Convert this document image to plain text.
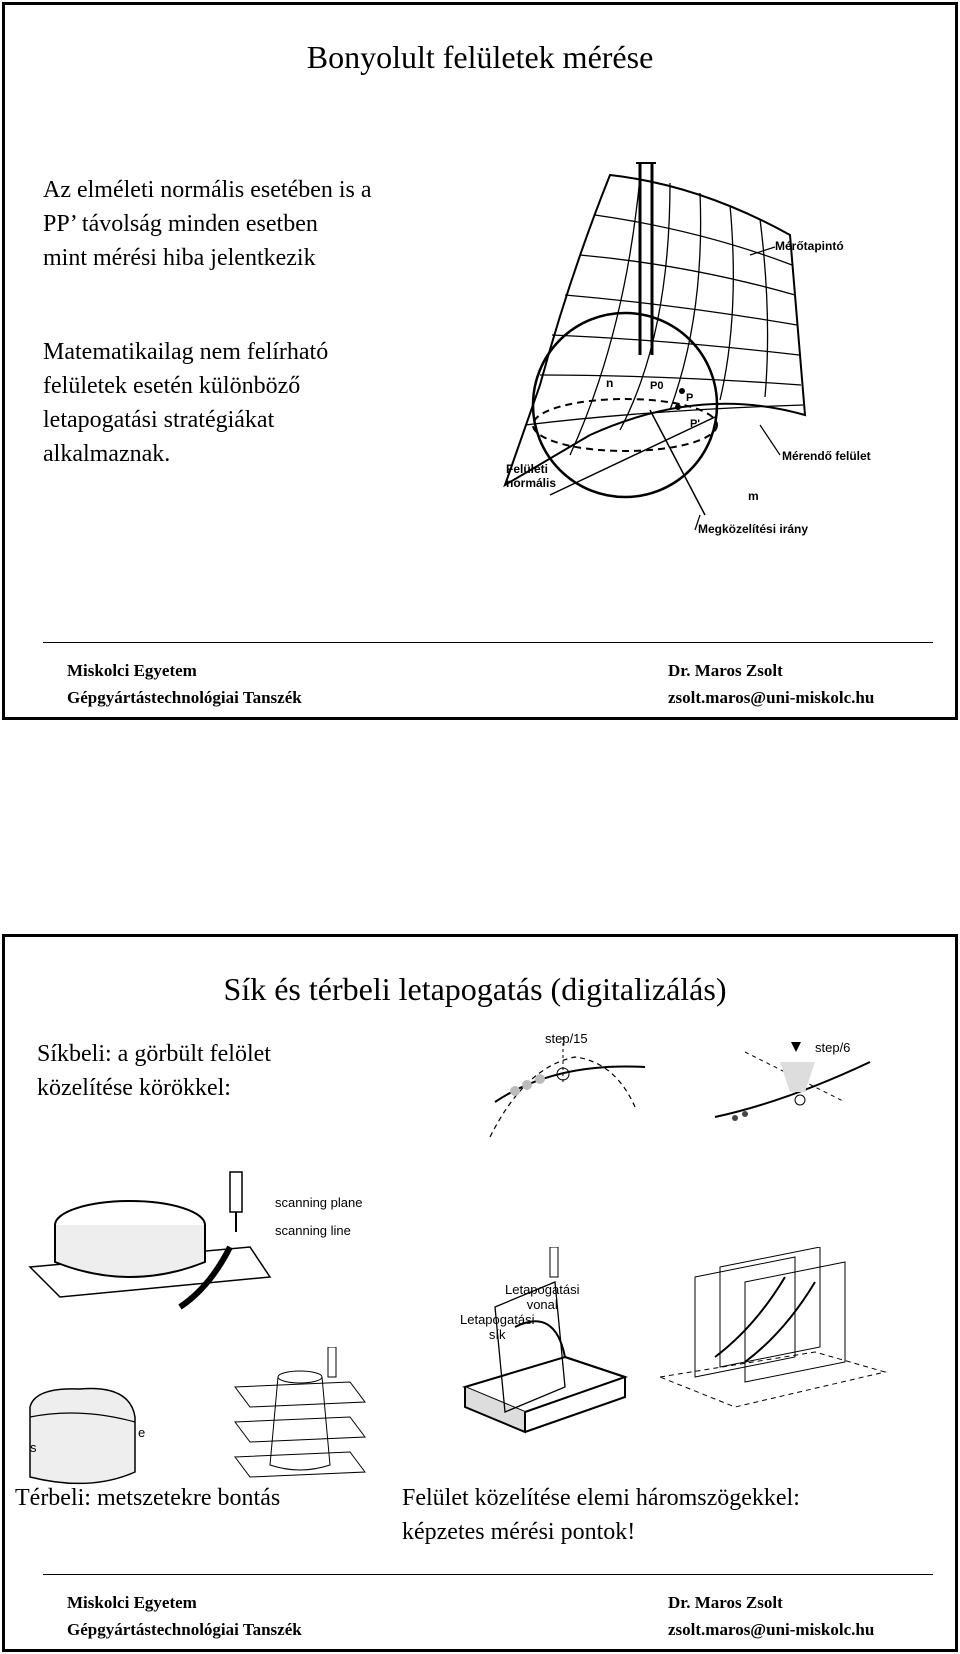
Bonyolult felületek mérése
Az elméleti normális esetében is a
PP’ távolság minden esetben
mint mérési hiba jelentkezik
Matematikailag nem felírható
felületek esetén különböző
letapogatási stratégiákat
alkalmaznak.
Mérőtapintó
Mérendő felület
Felületi normális
Megközelítési irány
n
m
P0
P
P'
Miskolci Egyetem
Gépgyártástechnológiai Tanszék
Dr. Maros Zsolt
zsolt.maros@uni-miskolc.hu
Sík és térbeli letapogatás (digitalizálás)
Síkbeli: a görbült felölet
közelítése körökkel:
step/15
step/6
scanning plane
scanning line
s
e
Letapogatási
vonal
Letapogatási
sík
Térbeli: metszetekre bontás	Felület közelítése elemi háromszögekkel:
képzetes mérési pontok!
Miskolci Egyetem
Gépgyártástechnológiai Tanszék
Dr. Maros Zsolt
zsolt.maros@uni-miskolc.hu
